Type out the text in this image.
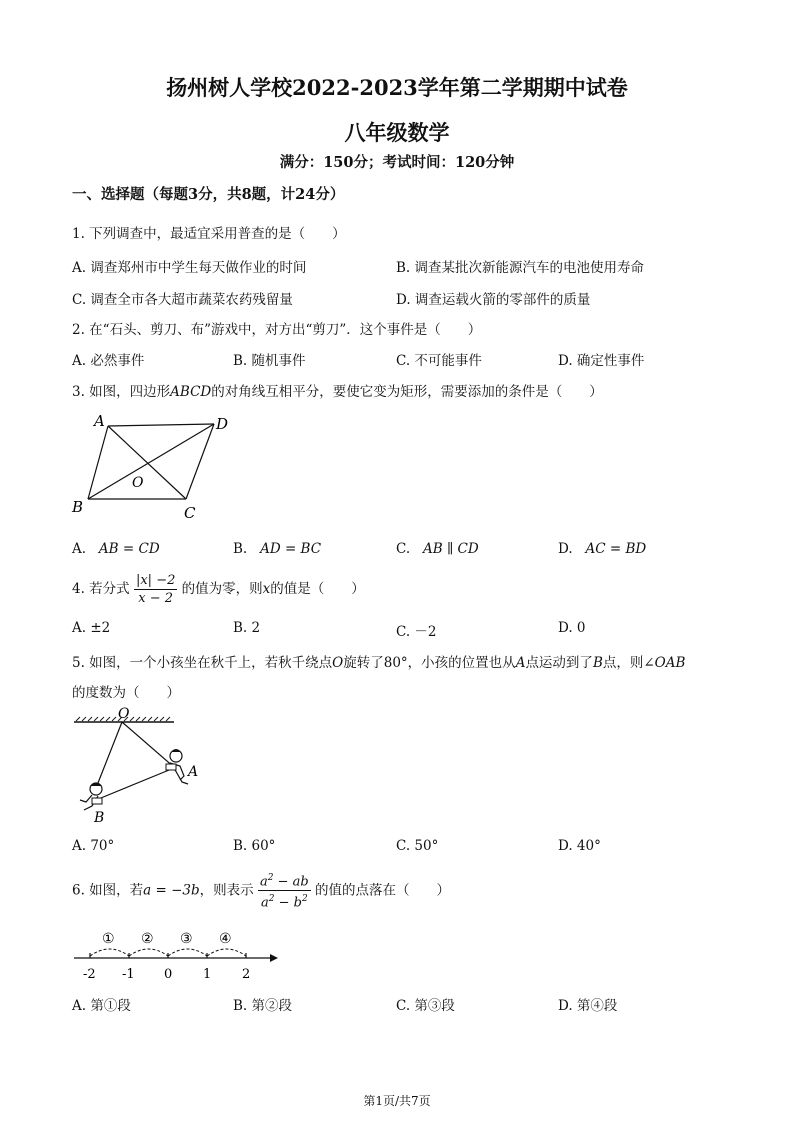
扬州树人学校2022-2023学年第二学期期中试卷
八年级数学
满分：150分；考试时间：120分钟
一、选择题（每题3分，共8题，计24分）
1. 下列调查中，最适宜采用普查的是（　　）
A. 调查郑州市中学生每天做作业的时间	B. 调查某批次新能源汽车的电池使用寿命
C. 调查全市各大超市蔬菜农药残留量	D. 调查运载火箭的零部件的质量
2. 在“石头、剪刀、布”游戏中，对方出“剪刀”．这个事件是（　　）
A. 必然事件	B. 随机事件	C. 不可能事件	D. 确定性事件
3. 如图，四边形ABCD的对角线互相平分，要使它变为矩形，需要添加的条件是（　　）
A	D
B	C
O
A. AB = CD	B. AD = BC	C. AB ∥ CD	D. AC = BD
4. 若分式 $\frac{|x| -2}{x - 2}$ 的值为零，则x的值是（　　）
A. ±2	B. 2	C. －2	D. 0
5. 如图，一个小孩坐在秋千上，若秋千绕点O旋转了80°，小孩的位置也从A点运动到了B点，则∠OAB
的度数为（　　）
O
A
B
A. 70°	B. 60°	C. 50°	D. 40°
6. 如图，若a = −3b，则表示 $\frac{a^2 - ab}{a^2 - b^2}$ 的值的点落在（　　）
① ② ③ ④
-2 -1 0 1 2
A. 第①段	B. 第②段	C. 第③段	D. 第④段
第1页/共7页
